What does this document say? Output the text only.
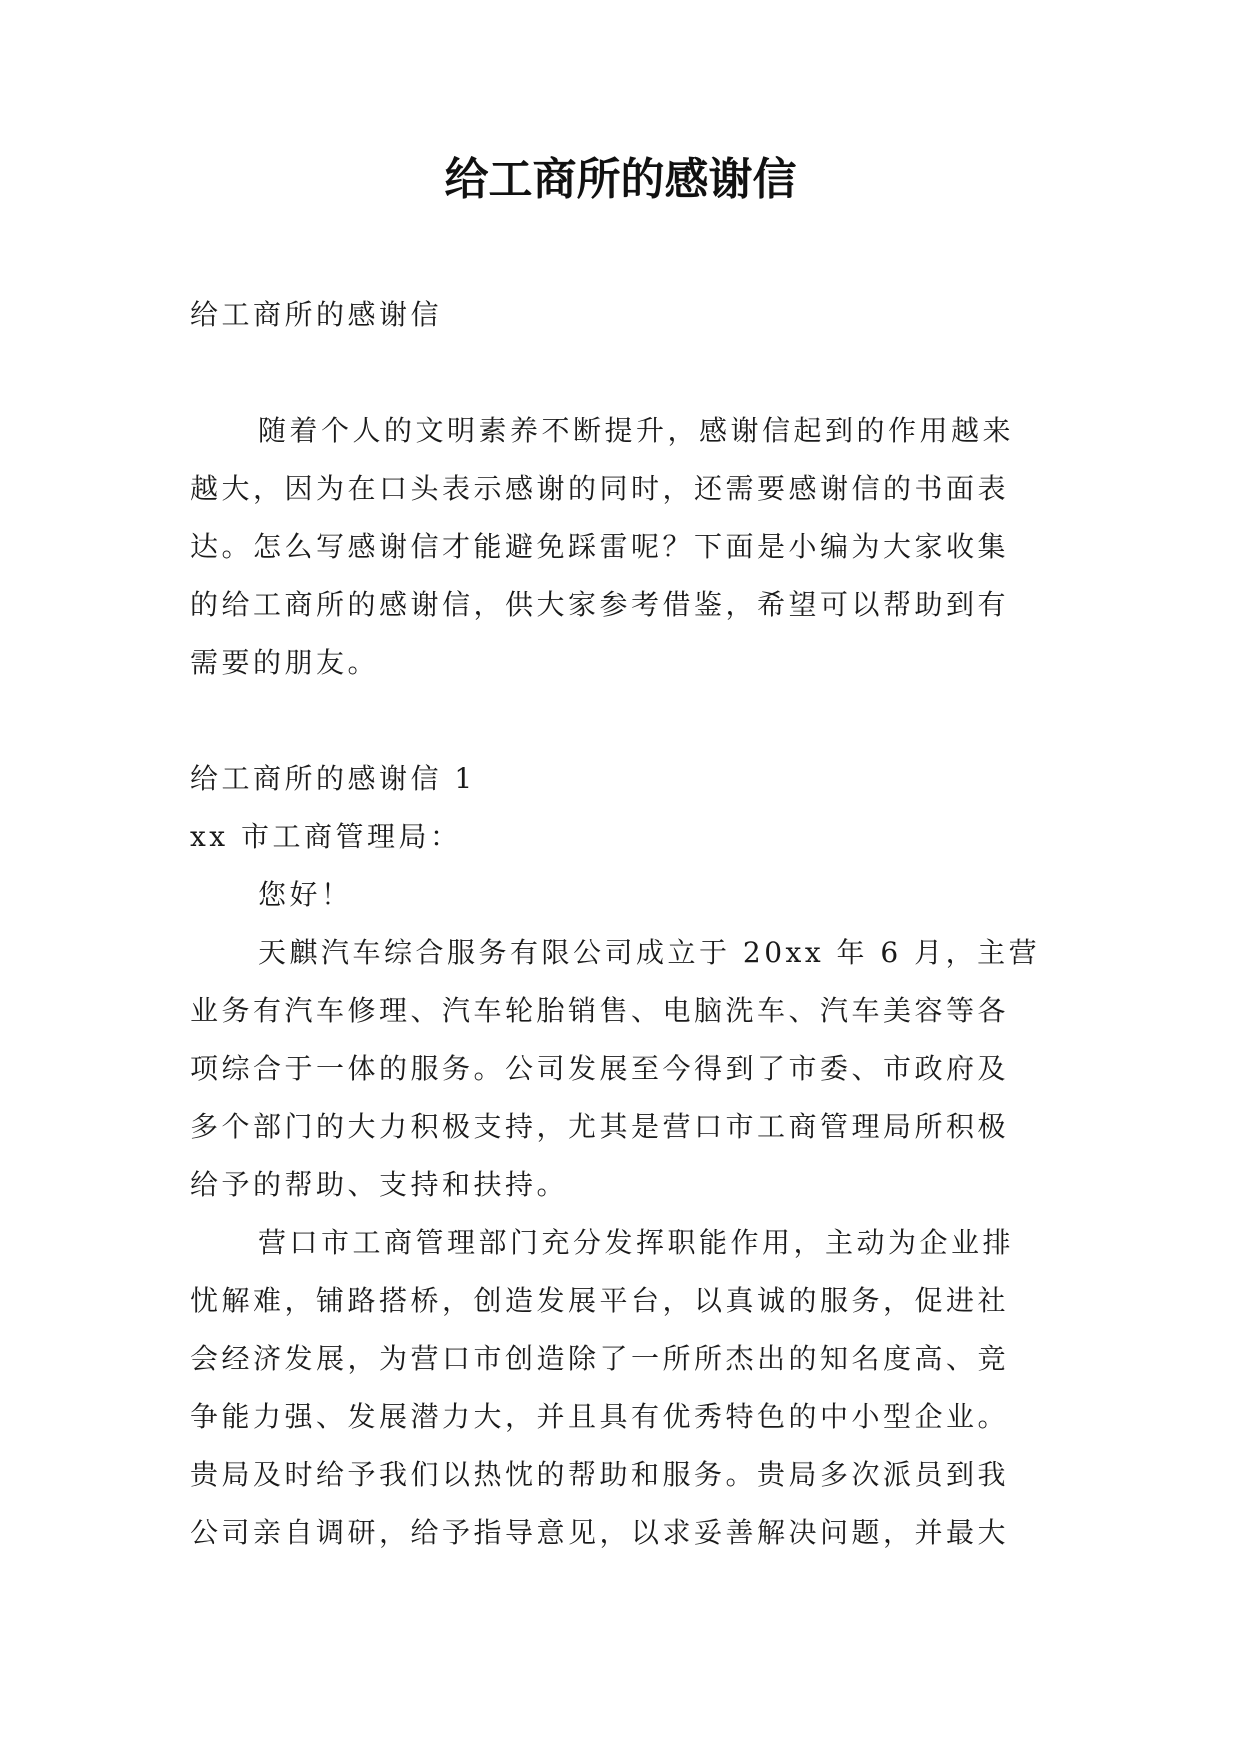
给工商所的感谢信
给工商所的感谢信
随着个人的文明素养不断提升，感谢信起到的作用越来
越大，因为在口头表示感谢的同时，还需要感谢信的书面表
达。怎么写感谢信才能避免踩雷呢？下面是小编为大家收集
的给工商所的感谢信，供大家参考借鉴，希望可以帮助到有
需要的朋友。
给工商所的感谢信 1
xx 市工商管理局：
您好！
天麒汽车综合服务有限公司成立于 20xx 年 6 月，主营
业务有汽车修理、汽车轮胎销售、电脑洗车、汽车美容等各
项综合于一体的服务。公司发展至今得到了市委、市政府及
多个部门的大力积极支持，尤其是营口市工商管理局所积极
给予的帮助、支持和扶持。
营口市工商管理部门充分发挥职能作用，主动为企业排
忧解难，铺路搭桥，创造发展平台，以真诚的服务，促进社
会经济发展，为营口市创造除了一所所杰出的知名度高、竞
争能力强、发展潜力大，并且具有优秀特色的中小型企业。
贵局及时给予我们以热忱的帮助和服务。贵局多次派员到我
公司亲自调研，给予指导意见，以求妥善解决问题，并最大
